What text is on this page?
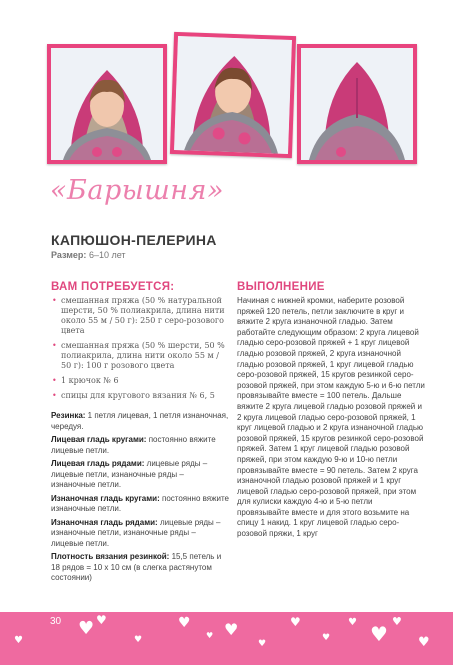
«Барышня»
КАПЮШОН-ПЕЛЕРИНА
Размер: 6–10 лет
ВАМ ПОТРЕБУЕТСЯ:
• смешанная пряжа (50 % натуральной шерсти, 50 % полиакрила, длина нити около 55 м / 50 г): 250 г серо-розового цвета
• смешанная пряжа (50 % шерсти, 50 % полиакрила, длина нити около 55 м / 50 г): 100 г розового цвета
• 1 крючок № 6
• спицы для кругового вязания № 6, 5

Резинка: 1 петля лицевая, 1 петля изнаночная, чередуя.

Лицевая гладь кругами: постоянно вяжите лицевые петли.

Лицевая гладь рядами: лицевые ряды – лицевые петли, изнаночные ряды – изнаночные петли.

Изнаночная гладь кругами: постоянно вяжите изнаночные петли.

Изнаночная гладь рядами: лицевые ряды – изнаночные петли, изнаночные ряды – лицевые петли.

Плотность вязания резинкой: 15,5 петель и 18 рядов = 10 х 10 см (в слегка растянутом состоянии)

ВЫПОЛНЕНИЕ

Начиная с нижней кромки, наберите розовой пряжей 120 петель, петли заключите в круг и вяжите 2 круга изнаночной гладью. Затем работайте следующим образом: 2 круга лицевой гладью серо-розовой пряжей + 1 круг лицевой гладью розовой пряжей, 2 круга изнаночной гладью розовой пряжей, 1 круг лицевой гладью серо-розовой пряжей, 15 кругов резинкой серо-розовой пряжей, при этом каждую 5-ю и 6-ю петли провязывайте вместе = 100 петель. Дальше вяжите 2 круга лицевой гладью розовой пряжей и 2 круга лицевой гладью серо-розовой пряжей, 1 круг лицевой гладью и 2 круга изнаночной гладью розовой пряжей, 15 кругов резинкой серо-розовой пряжей. Затем 1 круг лицевой гладью розовой пряжей, при этом каждую 9-ю и 10-ю петли провязывайте вместе = 90 петель. Затем 2 круга изнаночной гладью розовой пряжей и 1 круг лицевой гладью серо-розовой пряжей, при этом для кулиски каждую 4-ю и 5-ю петли провязывайте вместе и для этого возьмите на спицу 1 накид. 1 круг лицевой гладью серо-розовой пряжи, 1 круг

♥ ♥
♥	♥
♥
♥ ♥
♥
♥
♥
♥ ♥
♥
♥
30
